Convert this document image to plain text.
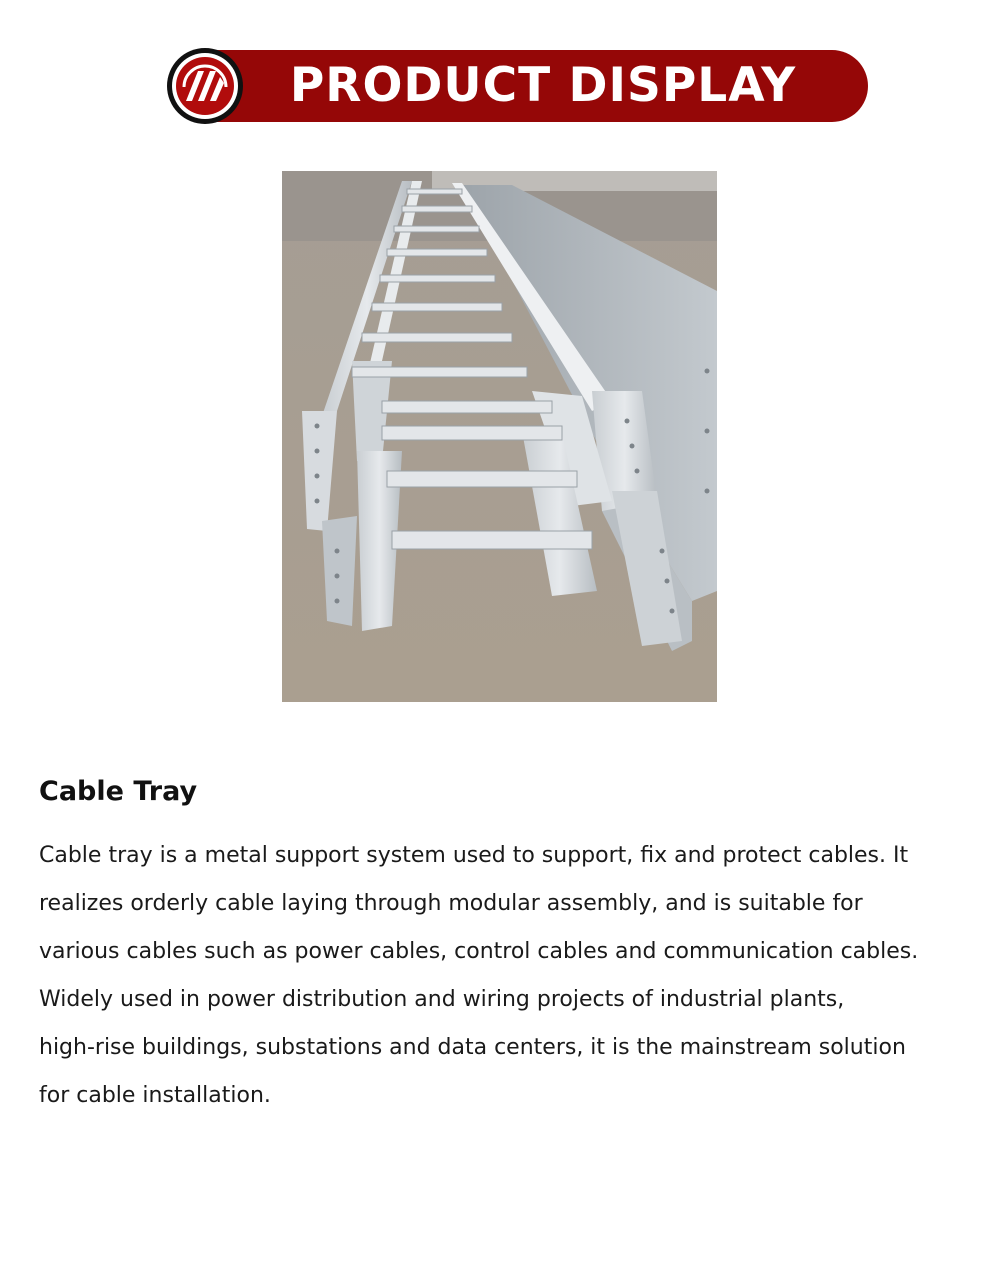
PRODUCT DISPLAY
Cable Tray
Cable tray is a metal support system used to support, fix and protect cables. It
realizes orderly cable laying through modular assembly, and is suitable for
various cables such as power cables, control cables and communication cables.
Widely used in power distribution and wiring projects of industrial plants,
high-rise buildings, substations and data centers, it is the mainstream solution
for cable installation.
